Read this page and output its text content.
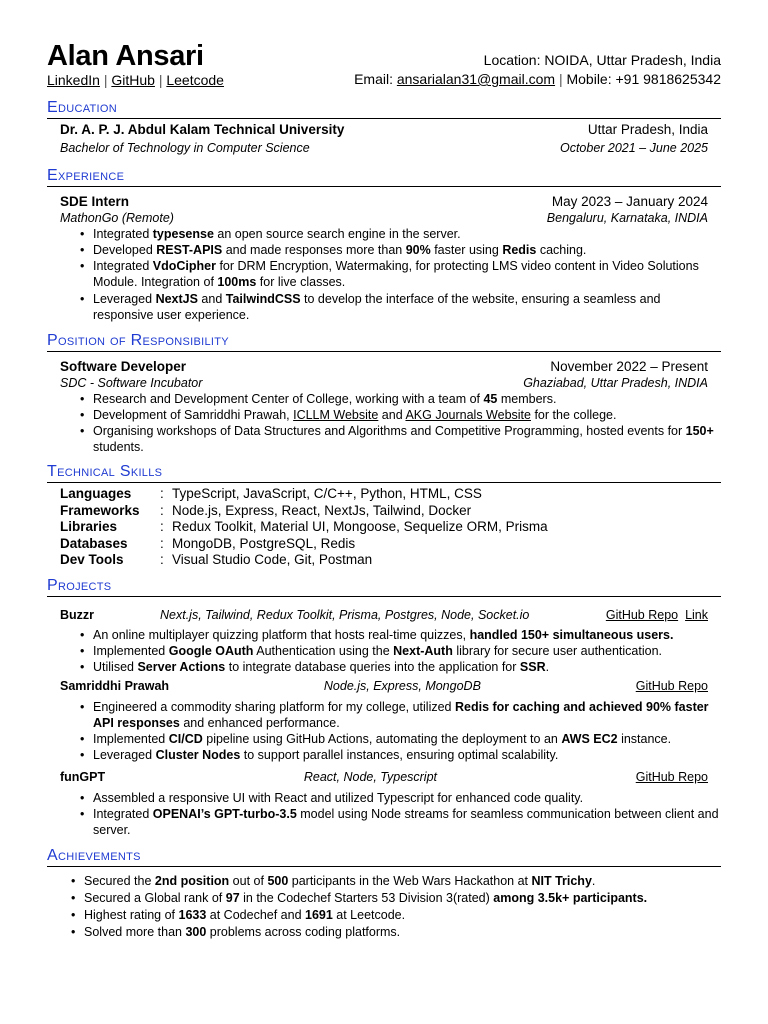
Alan Ansari
LinkedIn | GitHub | Leetcode
Location: NOIDA, Uttar Pradesh, India
Email: ansarialan31@gmail.com | Mobile: +91 9818625342
Education
Dr. A. P. J. Abdul Kalam Technical University	Uttar Pradesh, India
Bachelor of Technology in Computer Science	October 2021 – June 2025
Experience
SDE Intern	May 2023 – January 2024
MathonGo (Remote)	Bengaluru, Karnataka, INDIA
• Integrated typesense an open source search engine in the server.
• Developed REST-APIS and made responses more than 90% faster using Redis caching.
• Integrated VdoCipher for DRM Encryption, Watermaking, for protecting LMS video content in Video Solutions Module. Integration of 100ms for live classes.
• Leveraged NextJS and TailwindCSS to develop the interface of the website, ensuring a seamless and responsive user experience.
Position of Responsibility
Software Developer	November 2022 – Present
SDC - Software Incubator	Ghaziabad, Uttar Pradesh, INDIA
• Research and Development Center of College, working with a team of 45 members.
• Development of Samriddhi Prawah, ICLLM Website and AKG Journals Website for the college.
• Organising workshops of Data Structures and Algorithms and Competitive Programming, hosted events for 150+ students.
Technical Skills
Languages	: TypeScript, JavaScript, C/C++, Python, HTML, CSS
Frameworks	: Node.js, Express, React, NextJs, Tailwind, Docker
Libraries	: Redux Toolkit, Material UI, Mongoose, Sequelize ORM, Prisma
Databases	: MongoDB, PostgreSQL, Redis
Dev Tools	: Visual Studio Code, Git, Postman
Projects
Buzzr	Next.js, Tailwind, Redux Toolkit, Prisma, Postgres, Node, Socket.io	GitHub Repo Link
• An online multiplayer quizzing platform that hosts real-time quizzes, handled 150+ simultaneous users.
• Implemented Google OAuth Authentication using the Next-Auth library for secure user authentication.
• Utilised Server Actions to integrate database queries into the application for SSR.
Samriddhi Prawah	Node.js, Express, MongoDB	GitHub Repo
• Engineered a commodity sharing platform for my college, utilized Redis for caching and achieved 90% faster API responses and enhanced performance.
• Implemented CI/CD pipeline using GitHub Actions, automating the deployment to an AWS EC2 instance.
• Leveraged Cluster Nodes to support parallel instances, ensuring optimal scalability.
funGPT	React, Node, Typescript	GitHub Repo
• Assembled a responsive UI with React and utilized Typescript for enhanced code quality.
• Integrated OPENAI’s GPT-turbo-3.5 model using Node streams for seamless communication between client and server.
Achievements
• Secured the 2nd position out of 500 participants in the Web Wars Hackathon at NIT Trichy.
• Secured a Global rank of 97 in the Codechef Starters 53 Division 3(rated) among 3.5k+ participants.
• Highest rating of 1633 at Codechef and 1691 at Leetcode.
• Solved more than 300 problems across coding platforms.
